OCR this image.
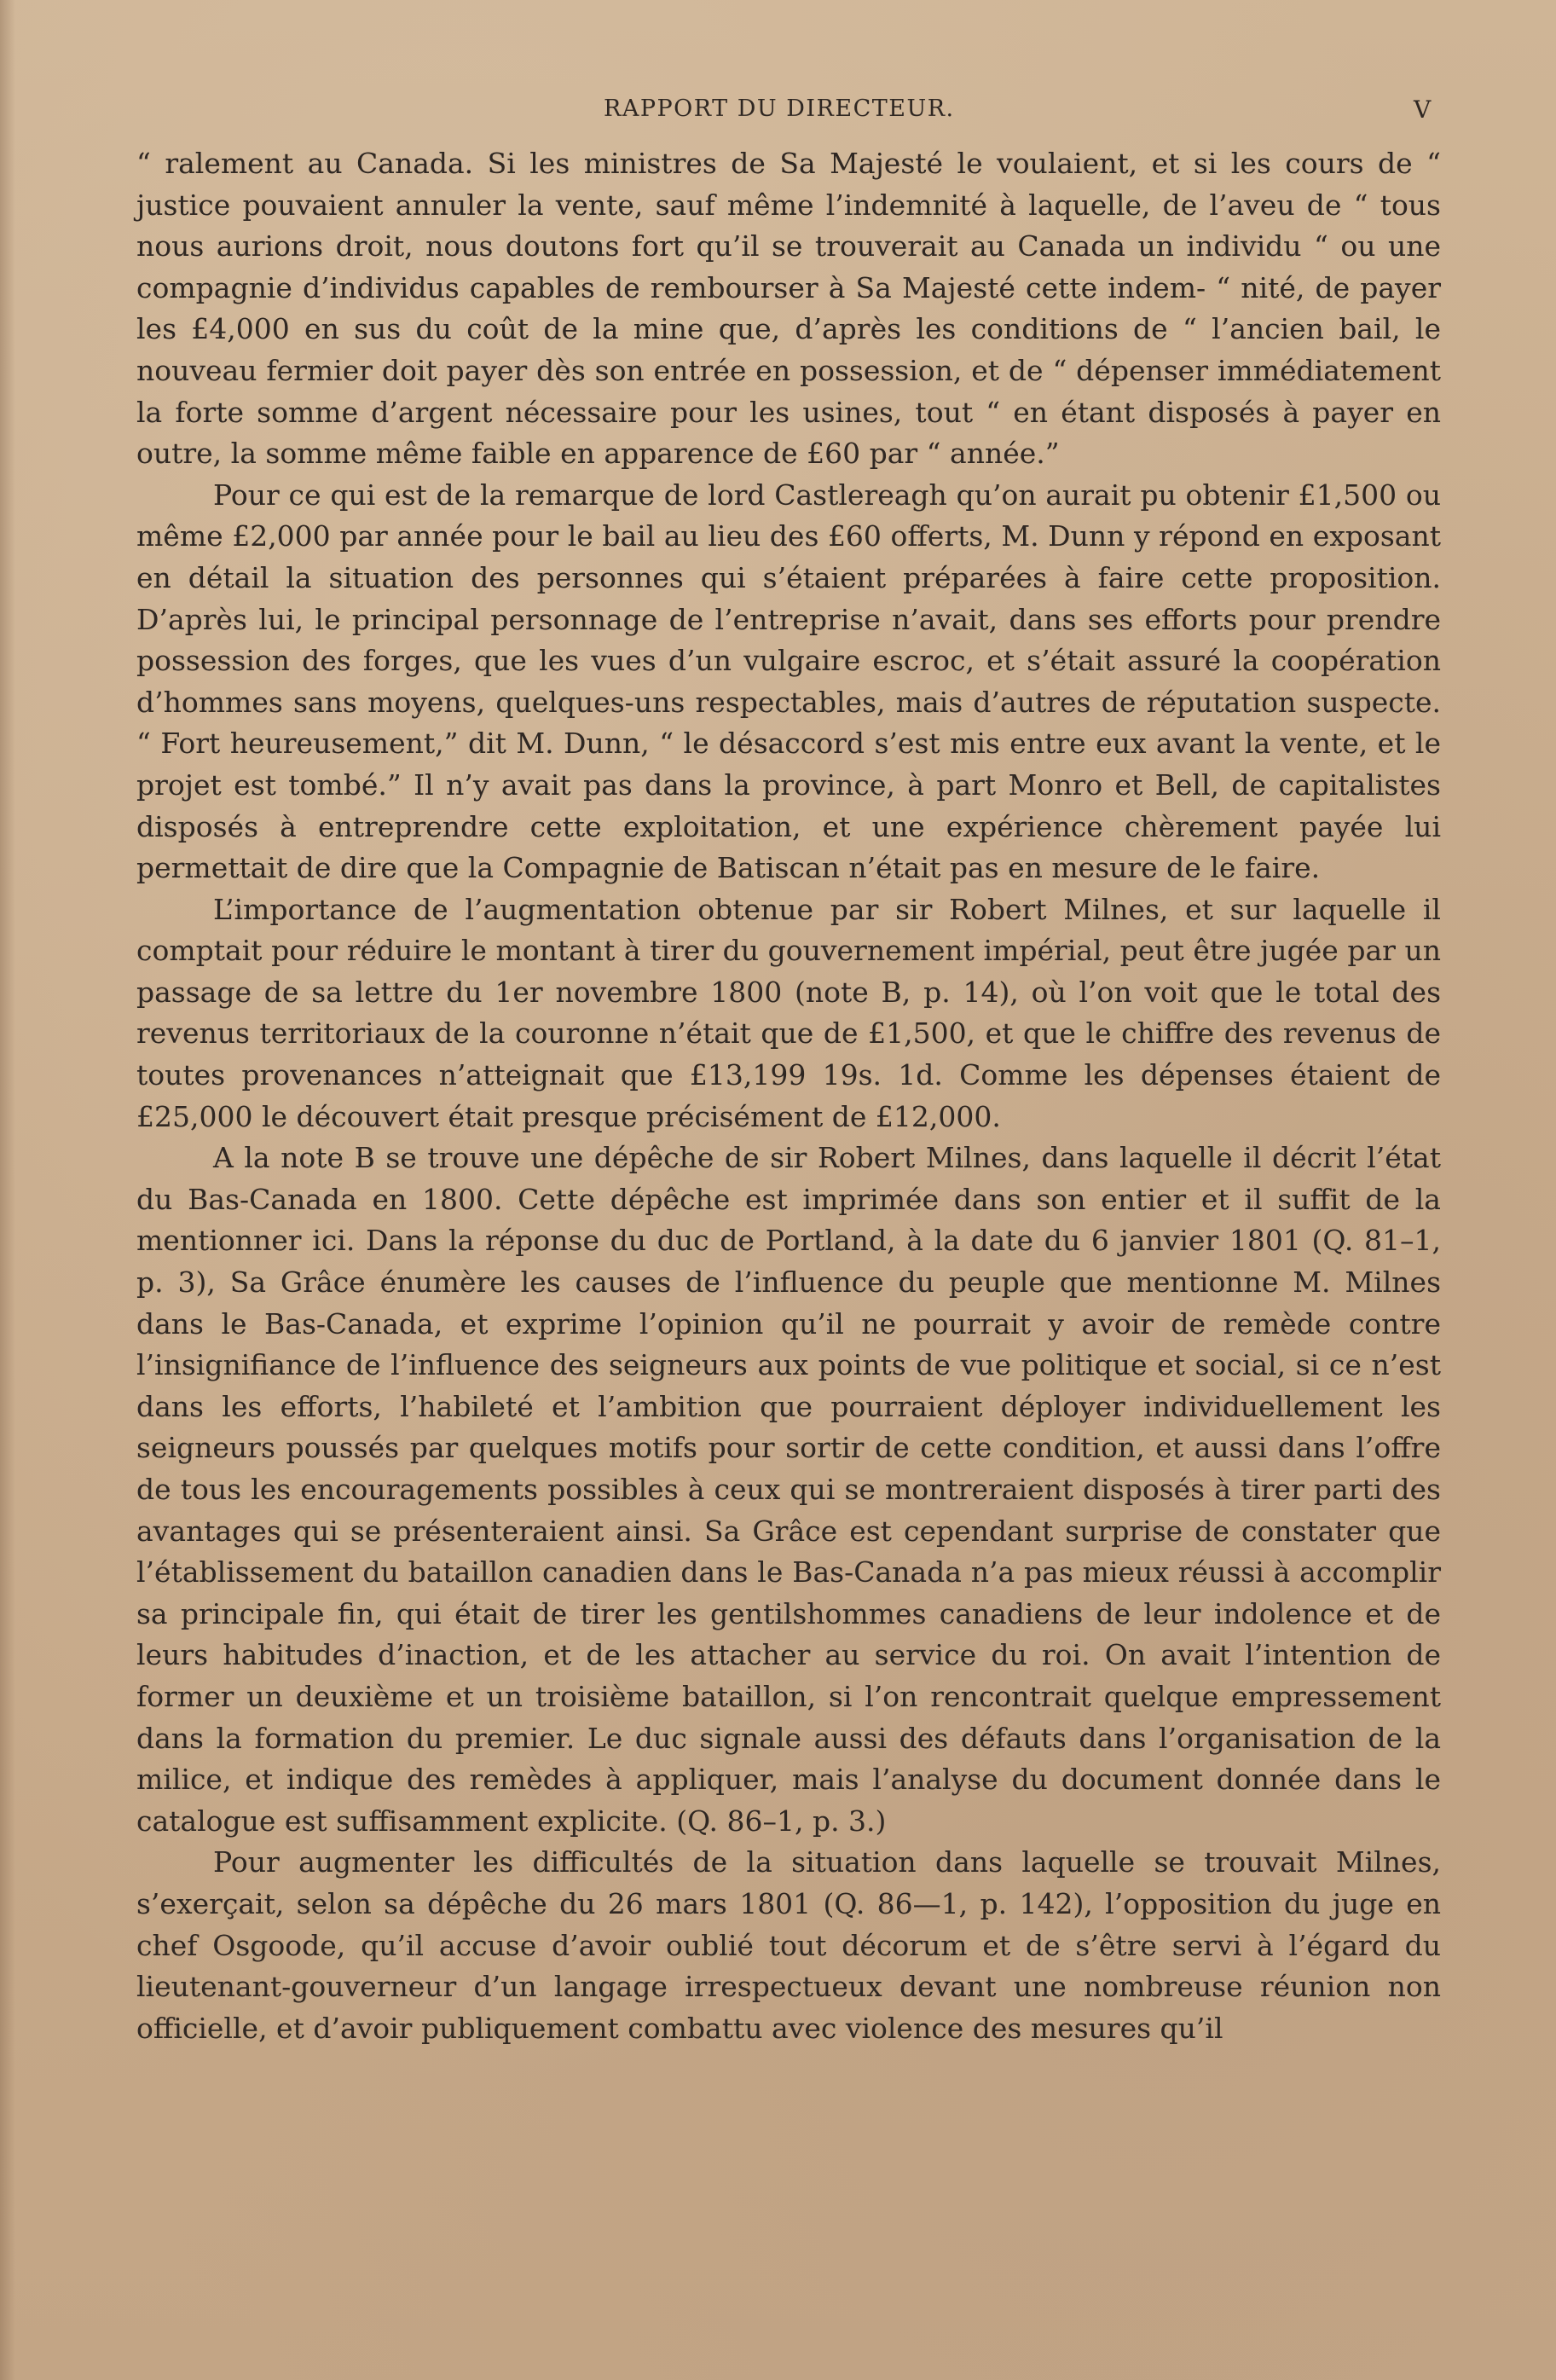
RAPPORT DU DIRECTEUR.	V

“ ralement au Canada. Si les ministres de Sa Majesté le voulaient, et si les cours de “ justice pouvaient annuler la vente, sauf même l’indemnité à laquelle, de l’aveu de “ tous nous aurions droit, nous doutons fort qu’il se trouverait au Canada un individu “ ou une compagnie d’individus capables de rembourser à Sa Majesté cette indem- “ nité, de payer les £4,000 en sus du coût de la mine que, d’après les conditions de “ l’ancien bail, le nouveau fermier doit payer dès son entrée en possession, et de “ dépenser immédiatement la forte somme d’argent nécessaire pour les usines, tout “ en étant disposés à payer en outre, la somme même faible en apparence de £60 par “ année.”

Pour ce qui est de la remarque de lord Castlereagh qu’on aurait pu obtenir £1,500 ou même £2,000 par année pour le bail au lieu des £60 offerts, M. Dunn y répond en exposant en détail la situation des personnes qui s’étaient préparées à faire cette proposition. D’après lui, le principal personnage de l’entreprise n’avait, dans ses efforts pour prendre possession des forges, que les vues d’un vulgaire escroc, et s’était assuré la coopération d’hommes sans moyens, quelques-uns respectables, mais d’autres de réputation suspecte. “ Fort heureusement,” dit M. Dunn, “ le désaccord s’est mis entre eux avant la vente, et le projet est tombé.” Il n’y avait pas dans la province, à part Monro et Bell, de capitalistes disposés à entreprendre cette exploitation, et une expérience chèrement payée lui permettait de dire que la Compagnie de Batiscan n’était pas en mesure de le faire.

L’importance de l’augmentation obtenue par sir Robert Milnes, et sur laquelle il comptait pour réduire le montant à tirer du gouvernement impérial, peut être jugée par un passage de sa lettre du 1er novembre 1800 (note B, p. 14), où l’on voit que le total des revenus territoriaux de la couronne n’était que de £1,500, et que le chiffre des revenus de toutes provenances n’atteignait que £13,199 19s. 1d. Comme les dépenses étaient de £25,000 le découvert était presque précisément de £12,000.

A la note B se trouve une dépêche de sir Robert Milnes, dans laquelle il décrit l’état du Bas-Canada en 1800. Cette dépêche est imprimée dans son entier et il suffit de la mentionner ici. Dans la réponse du duc de Portland, à la date du 6 janvier 1801 (Q. 81–1, p. 3), Sa Grâce énumère les causes de l’influence du peuple que mentionne M. Milnes dans le Bas-Canada, et exprime l’opinion qu’il ne pourrait y avoir de remède contre l’insignifiance de l’influence des seigneurs aux points de vue politique et social, si ce n’est dans les efforts, l’habileté et l’ambition que pourraient déployer individuellement les seigneurs poussés par quelques motifs pour sortir de cette condition, et aussi dans l’offre de tous les encouragements possibles à ceux qui se montreraient disposés à tirer parti des avantages qui se présenteraient ainsi. Sa Grâce est cependant surprise de constater que l’établissement du bataillon canadien dans le Bas-Canada n’a pas mieux réussi à accomplir sa principale fin, qui était de tirer les gentilshommes canadiens de leur indolence et de leurs habitudes d’inaction, et de les attacher au service du roi. On avait l’intention de former un deuxième et un troisième bataillon, si l’on rencontrait quelque empressement dans la formation du premier. Le duc signale aussi des défauts dans l’organisation de la milice, et indique des remèdes à appliquer, mais l’analyse du document donnée dans le catalogue est suffisamment explicite. (Q. 86–1, p. 3.)

Pour augmenter les difficultés de la situation dans laquelle se trouvait Milnes, s’exerçait, selon sa dépêche du 26 mars 1801 (Q. 86—1, p. 142), l’opposition du juge en chef Osgoode, qu’il accuse d’avoir oublié tout décorum et de s’être servi à l’égard du lieutenant-gouverneur d’un langage irrespectueux devant une nombreuse réunion non officielle, et d’avoir publiquement combattu avec violence des mesures qu’il
